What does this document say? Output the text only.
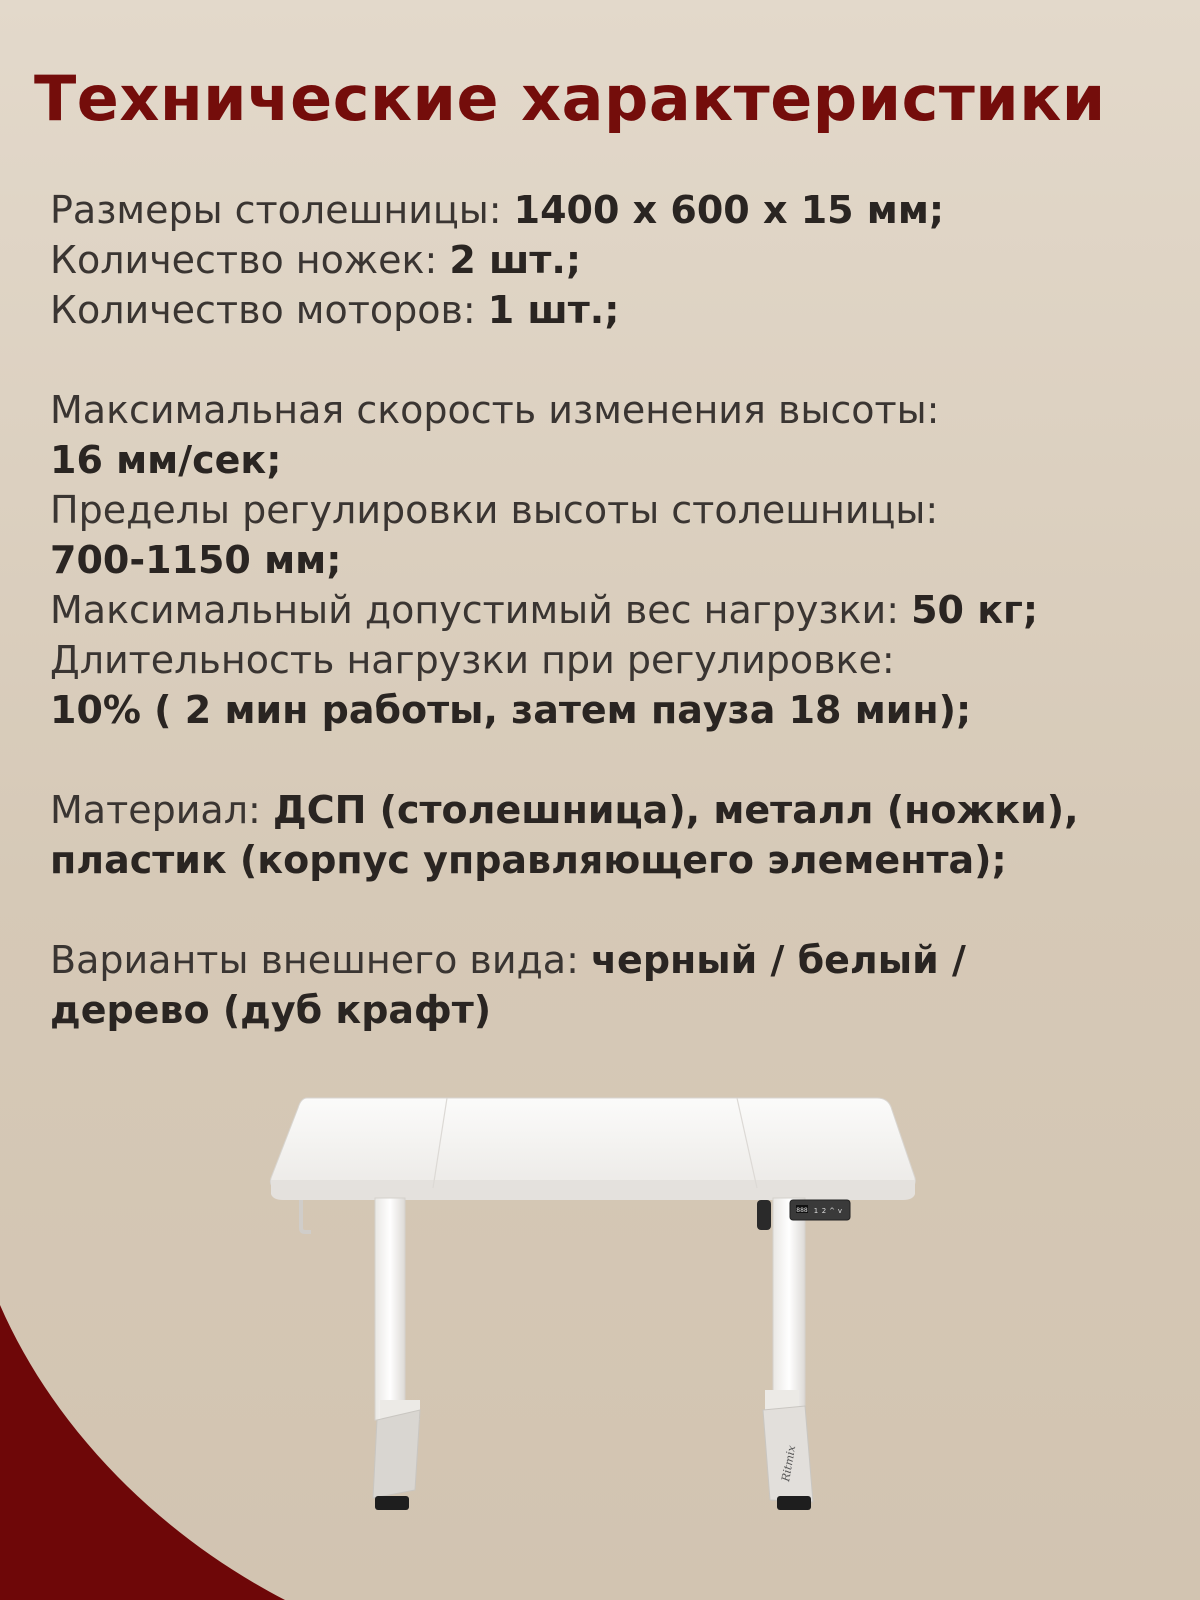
Технические характеристики
Размеры столешницы: 1400 х 600 х 15 мм;
Количество ножек: 2 шт.;
Количество моторов: 1 шт.;
Максимальная скорость изменения высоты:
16 мм/сек;
Пределы регулировки высоты столешницы:
700-1150 мм;
Максимальный допустимый вес нагрузки: 50 кг;
Длительность нагрузки при регулировке:
10% ( 2 мин работы, затем пауза 18 мин);
Материал: ДСП (столешница), металл (ножки),
пластик (корпус управляющего элемента);
Варианты внешнего вида: черный / белый /
дерево (дуб крафт)
888 1 2 ^ v
Ritmix
